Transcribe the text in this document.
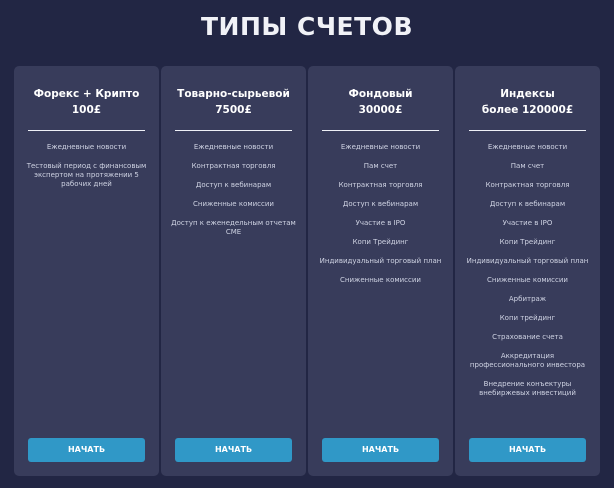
ТИПЫ СЧЕТОВ
Форекс + Крипто
100£
Ежедневные новости
Тестовый период с финансовым экспертом на протяжении 5 рабочих дней
НАЧАТЬ
Товарно-сырьевой
7500£
Ежедневные новости
Контрактная торговля
Доступ к вебинарам
Сниженные комиссии
Доступ к еженедельным отчетам CME
НАЧАТЬ
Фондовый
30000£
Ежедневные новости
Пам счет
Контрактная торговля
Доступ к вебинарам
Участие в IPO
Копи Трейдинг
Индивидуальный торговый план
Сниженные комиссии
НАЧАТЬ
Индексы
более 120000£
Ежедневные новости
Пам счет
Контрактная торговля
Доступ к вебинарам
Участие в IPO
Копи Трейдинг
Индивидуальный торговый план
Сниженные комиссии
Арбитраж
Копи трейдинг
Страхование счета
Аккредитация профессионального инвестора
Внедрение конъектуры внебиржевых инвестиций
НАЧАТЬ
